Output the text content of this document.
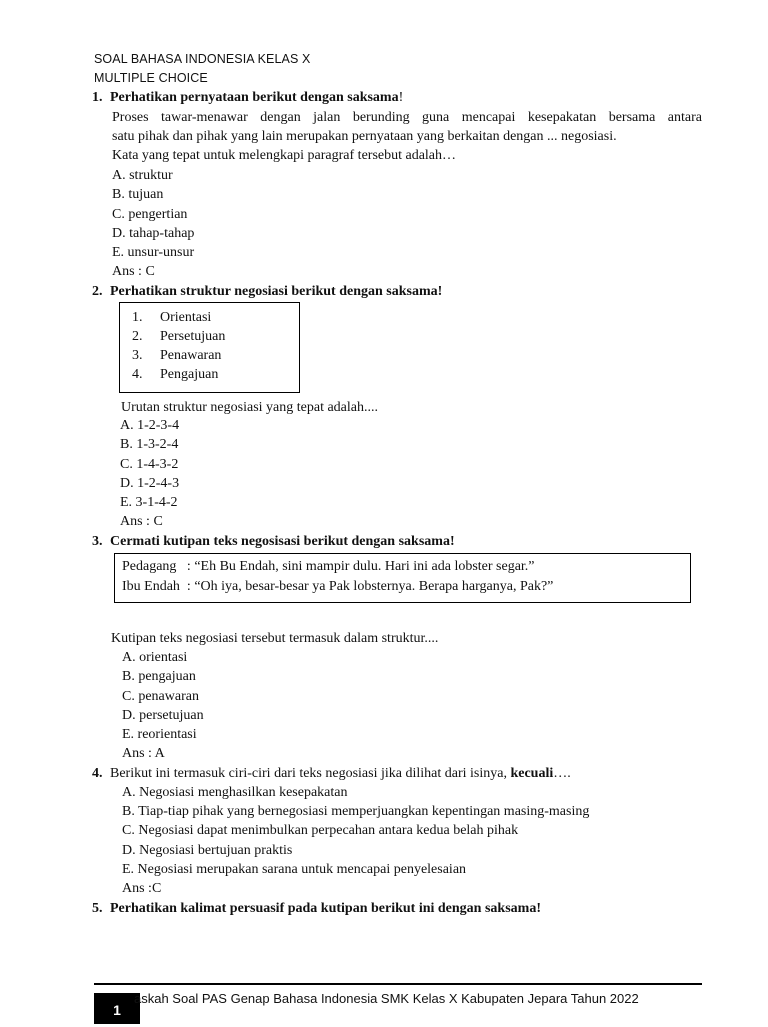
SOAL BAHASA INDONESIA KELAS X
MULTIPLE CHOICE
1. Perhatikan pernyataan berikut dengan saksama!
Proses tawar-menawar dengan jalan berunding guna mencapai kesepakatan bersama antara
satu pihak dan pihak yang lain merupakan pernyataan yang berkaitan dengan ... negosiasi.
Kata yang tepat untuk melengkapi paragraf tersebut adalah…
A. struktur
B. tujuan
C. pengertian
D. tahap-tahap
E. unsur-unsur
Ans : C
2. Perhatikan struktur negosiasi berikut dengan saksama!
1. Orientasi
2. Persetujuan
3. Penawaran
4. Pengajuan
Urutan struktur negosiasi yang tepat adalah....
A. 1-2-3-4
B. 1-3-2-4
C. 1-4-3-2
D. 1-2-4-3
E. 3-1-4-2
Ans : C
3. Cermati kutipan teks negosisasi berikut dengan saksama!
Pedagang   : “Eh Bu Endah, sini mampir dulu. Hari ini ada lobster segar.”
Ibu Endah  : “Oh iya, besar-besar ya Pak lobsternya. Berapa harganya, Pak?”
Kutipan teks negosiasi tersebut termasuk dalam struktur....
A. orientasi
B. pengajuan
C. penawaran
D. persetujuan
E. reorientasi
Ans : A
4. Berikut ini termasuk ciri-ciri dari teks negosiasi jika dilihat dari isinya, kecuali….
A. Negosiasi menghasilkan kesepakatan
B. Tiap-tiap pihak yang bernegosiasi memperjuangkan kepentingan masing-masing
C. Negosiasi dapat menimbulkan perpecahan antara kedua belah pihak
D. Negosiasi bertujuan praktis
E. Negosiasi merupakan sarana untuk mencapai penyelesaian
Ans :C
5. Perhatikan kalimat persuasif pada kutipan berikut ini dengan saksama!
1
askah Soal PAS Genap Bahasa Indonesia SMK Kelas X Kabupaten Jepara Tahun 2022
